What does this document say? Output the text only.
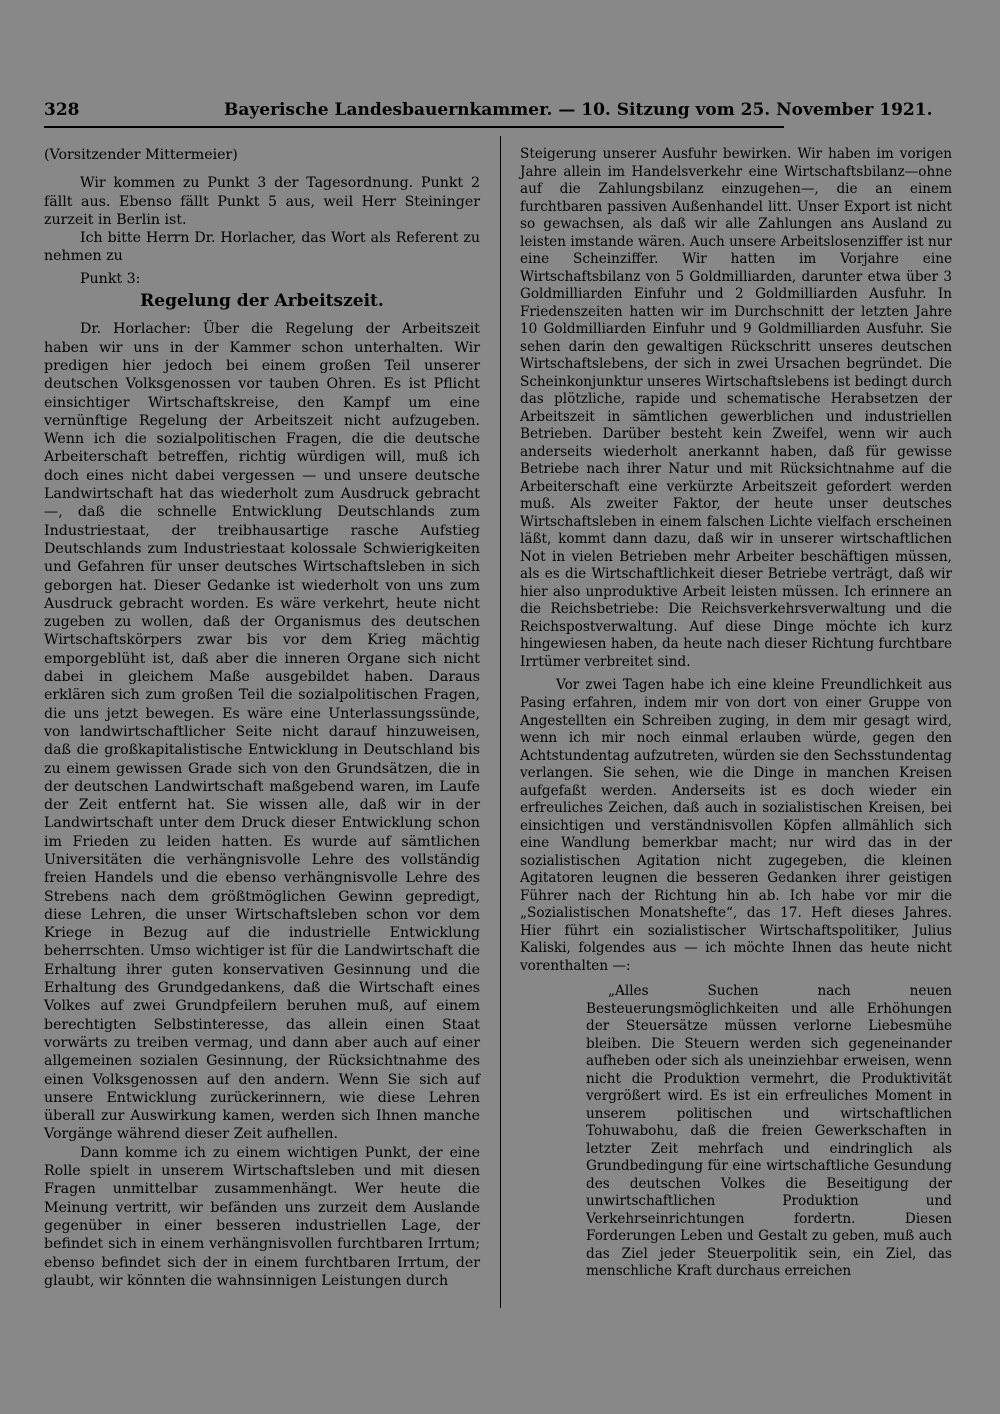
328	Bayerische Landesbauernkammer. — 10. Sitzung vom 25. November 1921.

(Vorsitzender Mittermeier)

Wir kommen zu Punkt 3 der Tagesordnung. Punkt 2 fällt aus. Ebenso fällt Punkt 5 aus, weil Herr Steininger zurzeit in Berlin ist.

Ich bitte Herrn Dr. Horlacher, das Wort als Referent zu nehmen zu

Punkt 3:

Regelung der Arbeitszeit.

Dr. Horlacher: Über die Regelung der Arbeitszeit haben wir uns in der Kammer schon unterhalten. Wir predigen hier jedoch bei einem großen Teil unserer deutschen Volksgenossen vor tauben Ohren. Es ist Pflicht einsichtiger Wirtschaftskreise, den Kampf um eine vernünftige Regelung der Arbeitszeit nicht aufzugeben. Wenn ich die sozialpolitischen Fragen, die die deutsche Arbeiterschaft betreffen, richtig würdigen will, muß ich doch eines nicht dabei vergessen — und unsere deutsche Landwirtschaft hat das wiederholt zum Ausdruck gebracht —, daß die schnelle Entwicklung Deutschlands zum Industriestaat, der treibhausartige rasche Aufstieg Deutschlands zum Industriestaat kolossale Schwierigkeiten und Gefahren für unser deutsches Wirtschaftsleben in sich geborgen hat. Dieser Gedanke ist wiederholt von uns zum Ausdruck gebracht worden. Es wäre verkehrt, heute nicht zugeben zu wollen, daß der Organismus des deutschen Wirtschaftskörpers zwar bis vor dem Krieg mächtig emporgeblüht ist, daß aber die inneren Organe sich nicht dabei in gleichem Maße ausgebildet haben. Daraus erklären sich zum großen Teil die sozialpolitischen Fragen, die uns jetzt bewegen. Es wäre eine Unterlassungssünde, von landwirtschaftlicher Seite nicht darauf hinzuweisen, daß die großkapitalistische Entwicklung in Deutschland bis zu einem gewissen Grade sich von den Grundsätzen, die in der deutschen Landwirtschaft maßgebend waren, im Laufe der Zeit entfernt hat. Sie wissen alle, daß wir in der Landwirtschaft unter dem Druck dieser Entwicklung schon im Frieden zu leiden hatten. Es wurde auf sämtlichen Universitäten die verhängnisvolle Lehre des vollständig freien Handels und die ebenso verhängnisvolle Lehre des Strebens nach dem größtmöglichen Gewinn gepredigt, diese Lehren, die unser Wirtschaftsleben schon vor dem Kriege in Bezug auf die industrielle Entwicklung beherrschten. Umso wichtiger ist für die Landwirtschaft die Erhaltung ihrer guten konservativen Gesinnung und die Erhaltung des Grundgedankens, daß die Wirtschaft eines Volkes auf zwei Grundpfeilern beruhen muß, auf einem berechtigten Selbstinteresse, das allein einen Staat vorwärts zu treiben vermag, und dann aber auch auf einer allgemeinen sozialen Gesinnung, der Rücksichtnahme des einen Volksgenossen auf den andern. Wenn Sie sich auf unsere Entwicklung zurückerinnern, wie diese Lehren überall zur Auswirkung kamen, werden sich Ihnen manche Vorgänge während dieser Zeit aufhellen.

Dann komme ich zu einem wichtigen Punkt, der eine Rolle spielt in unserem Wirtschaftsleben und mit diesen Fragen unmittelbar zusammenhängt. Wer heute die Meinung vertritt, wir befänden uns zurzeit dem Auslande gegenüber in einer besseren industriellen Lage, der befindet sich in einem verhängnisvollen furchtbaren Irrtum; ebenso befindet sich der in einem furchtbaren Irrtum, der glaubt, wir könnten die wahnsinnigen Leistungen durch

Steigerung unserer Ausfuhr bewirken. Wir haben im vorigen Jahre allein im Handelsverkehr eine Wirtschaftsbilanz—ohne auf die Zahlungsbilanz einzugehen—, die an einem furchtbaren passiven Außenhandel litt. Unser Export ist nicht so gewachsen, als daß wir alle Zahlungen ans Ausland zu leisten imstande wären. Auch unsere Arbeitslosenziffer ist nur eine Scheinziffer. Wir hatten im Vorjahre eine Wirtschaftsbilanz von 5 Goldmilliarden, darunter etwa über 3 Goldmilliarden Einfuhr und 2 Goldmilliarden Ausfuhr. In Friedenszeiten hatten wir im Durchschnitt der letzten Jahre 10 Goldmilliarden Einfuhr und 9 Goldmilliarden Ausfuhr. Sie sehen darin den gewaltigen Rückschritt unseres deutschen Wirtschaftslebens, der sich in zwei Ursachen begründet. Die Scheinkonjunktur unseres Wirtschaftslebens ist bedingt durch das plötzliche, rapide und schematische Herabsetzen der Arbeitszeit in sämtlichen gewerblichen und industriellen Betrieben. Darüber besteht kein Zweifel, wenn wir auch anderseits wiederholt anerkannt haben, daß für gewisse Betriebe nach ihrer Natur und mit Rücksichtnahme auf die Arbeiterschaft eine verkürzte Arbeitszeit gefordert werden muß. Als zweiter Faktor, der heute unser deutsches Wirtschaftsleben in einem falschen Lichte vielfach erscheinen läßt, kommt dann dazu, daß wir in unserer wirtschaftlichen Not in vielen Betrieben mehr Arbeiter beschäftigen müssen, als es die Wirtschaftlichkeit dieser Betriebe verträgt, daß wir hier also unproduktive Arbeit leisten müssen. Ich erinnere an die Reichsbetriebe: Die Reichsverkehrsverwaltung und die Reichspostverwaltung. Auf diese Dinge möchte ich kurz hingewiesen haben, da heute nach dieser Richtung furchtbare Irrtümer verbreitet sind.

Vor zwei Tagen habe ich eine kleine Freundlichkeit aus Pasing erfahren, indem mir von dort von einer Gruppe von Angestellten ein Schreiben zuging, in dem mir gesagt wird, wenn ich mir noch einmal erlauben würde, gegen den Achtstundentag aufzutreten, würden sie den Sechsstundentag verlangen. Sie sehen, wie die Dinge in manchen Kreisen aufgefaßt werden. Anderseits ist es doch wieder ein erfreuliches Zeichen, daß auch in sozialistischen Kreisen, bei einsichtigen und verständnisvollen Köpfen allmählich sich eine Wandlung bemerkbar macht; nur wird das in der sozialistischen Agitation nicht zugegeben, die kleinen Agitatoren leugnen die besseren Gedanken ihrer geistigen Führer nach der Richtung hin ab. Ich habe vor mir die „Sozialistischen Monatshefte“, das 17. Heft dieses Jahres. Hier führt ein sozialistischer Wirtschaftspolitiker, Julius Kaliski, folgendes aus — ich möchte Ihnen das heute nicht vorenthalten —:

„Alles Suchen nach neuen Besteuerungsmöglichkeiten und alle Erhöhungen der Steuersätze müssen verlorne Liebesmühe bleiben. Die Steuern werden sich gegeneinander aufheben oder sich als uneinziehbar erweisen, wenn nicht die Produktion vermehrt, die Produktivität vergrößert wird. Es ist ein erfreuliches Moment in unserem politischen und wirtschaftlichen Tohuwabohu, daß die freien Gewerkschaften in letzter Zeit mehrfach und eindringlich als Grundbedingung für eine wirtschaftliche Gesundung des deutschen Volkes die Beseitigung der unwirtschaftlichen Produktion und Verkehrseinrichtungen fordertn. Diesen Forderungen Leben und Gestalt zu geben, muß auch das Ziel jeder Steuerpolitik sein, ein Ziel, das menschliche Kraft durchaus erreichen
